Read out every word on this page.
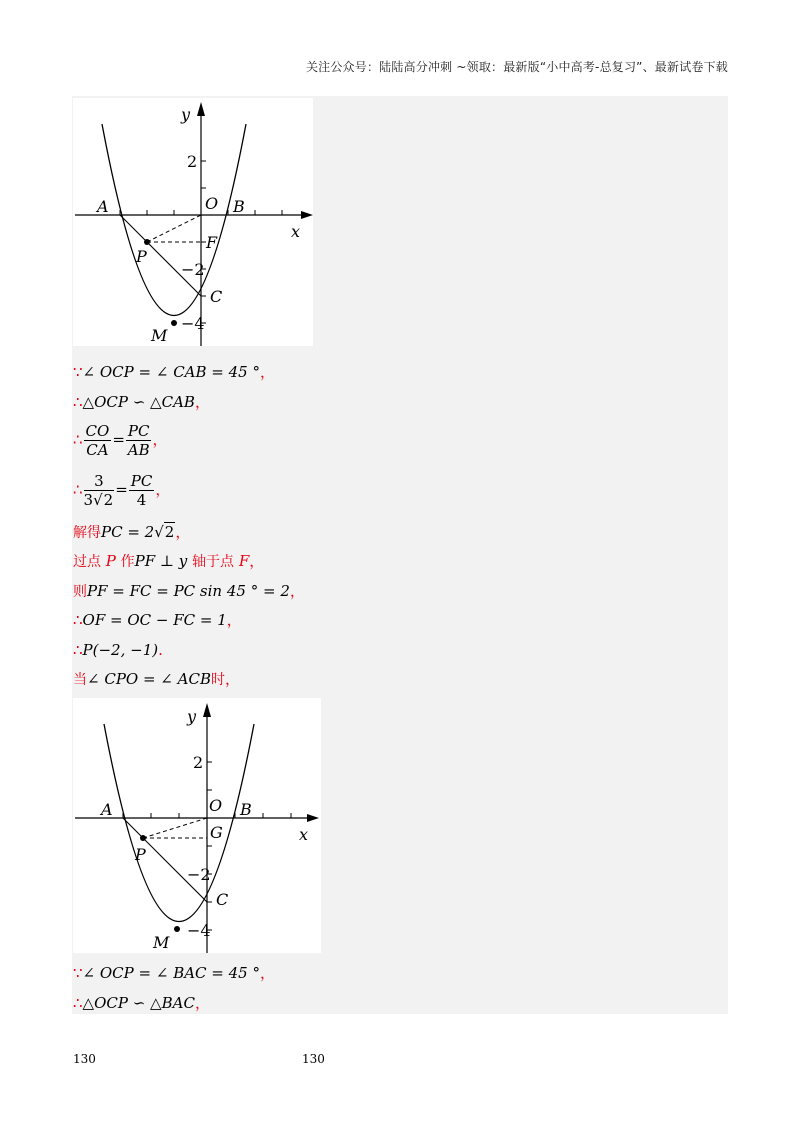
关注公众号：陆陆高分冲刺 ~领取：最新版“小中高考-总复习”、最新试卷下载
y
x
A	O B
F
P
C
M
2
−2
−4
∵∠ OCP = ∠ CAB = 45 °，
∴△OCP ∽ △CAB，
∴ $\frac{CO}{CA} = \frac{PC}{AB}$ ，
∴ $\frac{3}{3√2} = \frac{PC}{4}$ ，
解得PC = 2√2，
过点 P 作PF ⊥ y 轴于点 F，
则PF = FC = PC sin 45 ° = 2，
∴OF = OC − FC = 1，
∴P(−2, −1).
当∠ CPO = ∠ ACB时，
y
x
A	O B
G
P
C
M
2
−2
−4
∵∠ OCP = ∠ BAC = 45 °，
∴△OCP ∽ △BAC，
130	130
